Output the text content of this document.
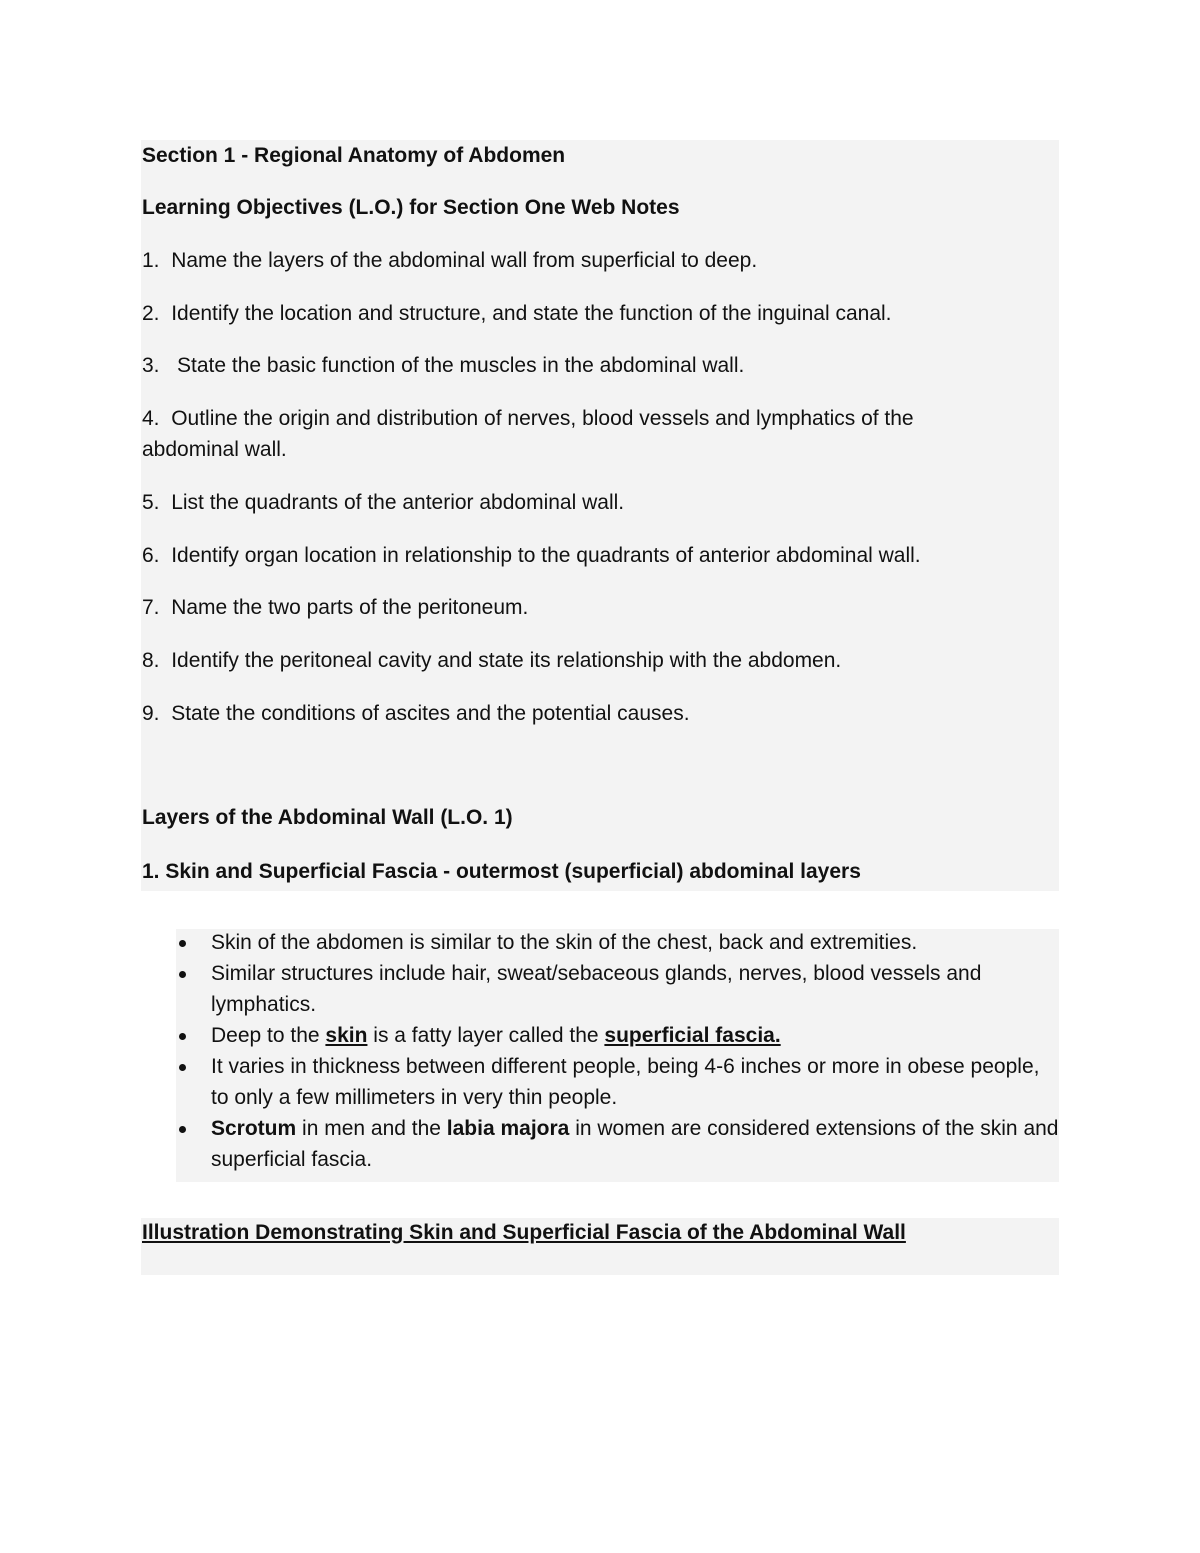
Section 1 - Regional Anatomy of Abdomen
Learning Objectives (L.O.) for Section One Web Notes
1. Name the layers of the abdominal wall from superficial to deep.
2. Identify the location and structure, and state the function of the inguinal canal.
3. State the basic function of the muscles in the abdominal wall.
4. Outline the origin and distribution of nerves, blood vessels and lymphatics of the
abdominal wall.
5. List the quadrants of the anterior abdominal wall.
6. Identify organ location in relationship to the quadrants of anterior abdominal wall.
7. Name the two parts of the peritoneum.
8. Identify the peritoneal cavity and state its relationship with the abdomen.
9. State the conditions of ascites and the potential causes.
Layers of the Abdominal Wall (L.O. 1)
1. Skin and Superficial Fascia - outermost (superficial) abdominal layers
Skin of the abdomen is similar to the skin of the chest, back and extremities.
Similar structures include hair, sweat/sebaceous glands, nerves, blood vessels and lymphatics.
Deep to the skin is a fatty layer called the superficial fascia.
It varies in thickness between different people, being 4-6 inches or more in obese people, to only a few millimeters in very thin people.
Scrotum in men and the labia majora in women are considered extensions of the skin and superficial fascia.
Illustration Demonstrating Skin and Superficial Fascia of the Abdominal Wall
